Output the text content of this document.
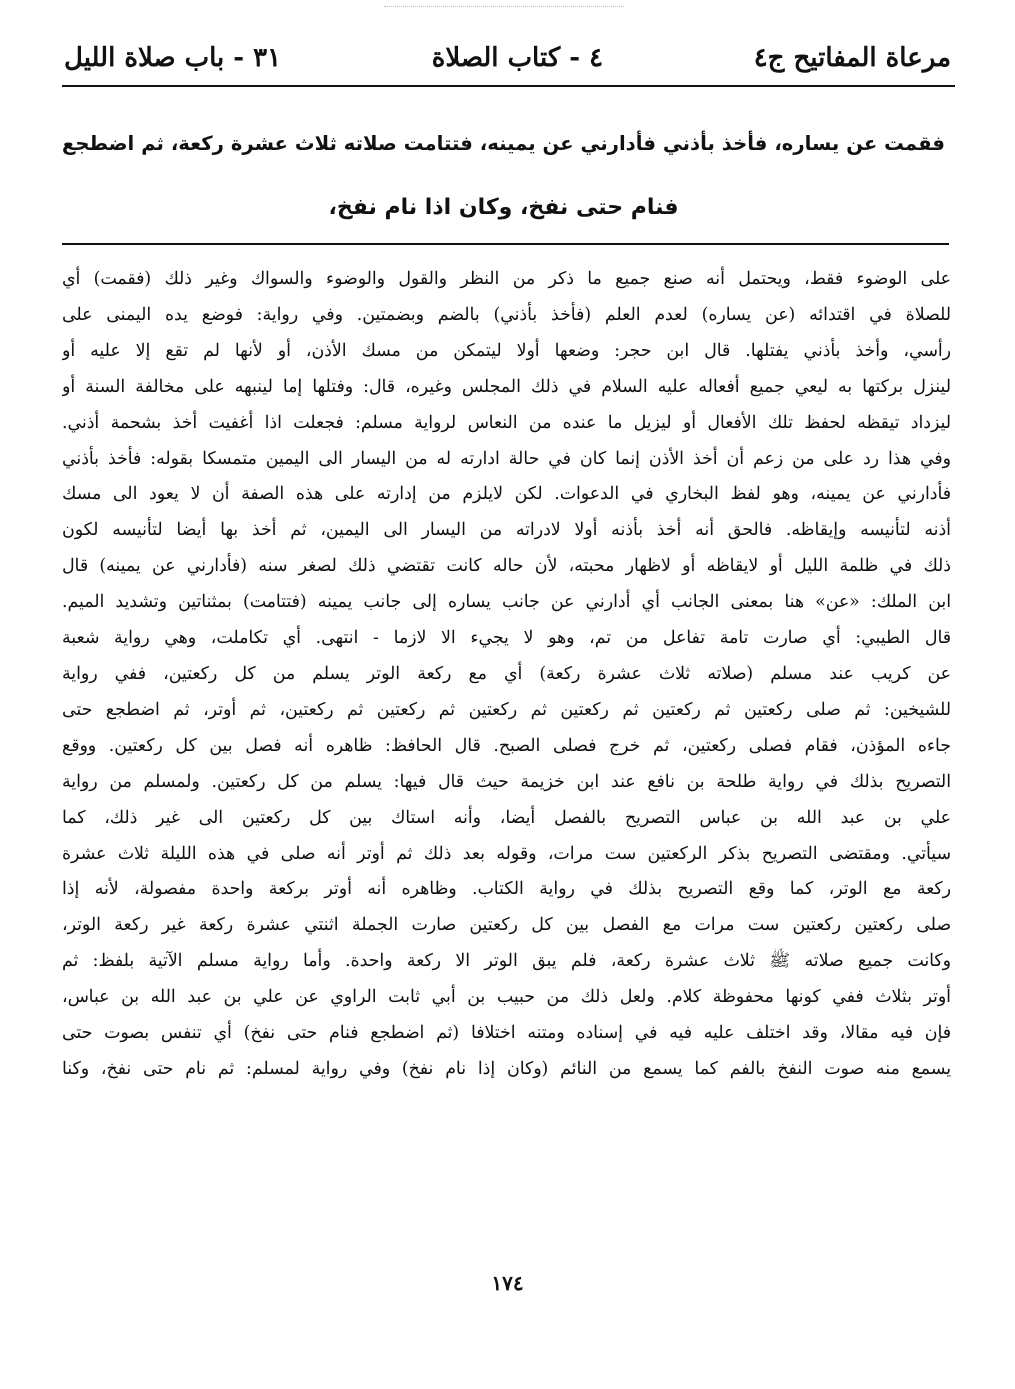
مرعاة المفاتيح ج٤
٤ - كتاب الصلاة
٣١ - باب صلاة الليل
فقمت عن يساره، فأخذ بأذني فأدارني عن يمينه، فتتامت صلاته ثلاث عشرة ركعة، ثم اضطجع
فنام حتى نفخ، وكان اذا نام نفخ،
على الوضوء فقط، ويحتمل أنه صنع جميع ما ذكر من النظر والقول والوضوء والسواك وغير ذلك (فقمت) أي
للصلاة في اقتدائه (عن يساره) لعدم العلم (فأخذ بأذني) بالضم وبضمتين. وفي رواية: فوضع يده اليمنى على
رأسي، وأخذ بأذني يفتلها. قال ابن حجر: وضعها أولا ليتمكن من مسك الأذن، أو لأنها لم تقع إلا عليه أو
لينزل بركتها به ليعي جميع أفعاله عليه السلام في ذلك المجلس وغيره، قال: وفتلها إما لينبهه على مخالفة السنة أو
ليزداد تيقظه لحفظ تلك الأفعال أو ليزيل ما عنده من النعاس لرواية مسلم: فجعلت اذا أغفيت أخذ بشحمة أذني.
وفي هذا رد على من زعم أن أخذ الأذن إنما كان في حالة ادارته له من اليسار الى اليمين متمسكا بقوله: فأخذ بأذني
فأدارني عن يمينه، وهو لفظ البخاري في الدعوات. لكن لايلزم من إدارته على هذه الصفة أن لا يعود الى مسك
أذنه لتأنيسه وإيقاظه. فالحق أنه أخذ بأذنه أولا لادراته من اليسار الى اليمين، ثم أخذ بها أيضا لتأنيسه لكون
ذلك في ظلمة الليل أو لايقاظه أو لاظهار محبته، لأن حاله كانت تقتضي ذلك لصغر سنه (فأدارني عن يمينه) قال
ابن الملك: «عن» هنا بمعنى الجانب أي أدارني عن جانب يساره إلى جانب يمينه (فتتامت) بمثناتين وتشديد الميم.
قال الطيبي: أي صارت تامة تفاعل من تم، وهو لا يجيء الا لازما - انتهى. أي تكاملت، وهي رواية شعبة
عن كريب عند مسلم (صلاته ثلاث عشرة ركعة) أي مع ركعة الوتر يسلم من كل ركعتين، ففي رواية
للشيخين: ثم صلى ركعتين ثم ركعتين ثم ركعتين ثم ركعتين ثم ركعتين ثم ركعتين، ثم أوتر، ثم اضطجع حتى
جاءه المؤذن، فقام فصلى ركعتين، ثم خرج فصلى الصبح. قال الحافظ: ظاهره أنه فصل بين كل ركعتين. ووقع
التصريح بذلك في رواية طلحة بن نافع عند ابن خزيمة حيث قال فيها: يسلم من كل ركعتين. ولمسلم من رواية
علي بن عبد الله بن عباس التصريح بالفصل أيضا، وأنه استاك بين كل ركعتين الى غير ذلك، كما
سيأتي. ومقتضى التصريح بذكر الركعتين ست مرات، وقوله بعد ذلك ثم أوتر أنه صلى في هذه الليلة ثلاث عشرة
ركعة مع الوتر، كما وقع التصريح بذلك في رواية الكتاب. وظاهره أنه أوتر بركعة واحدة مفصولة، لأنه إذا
صلى ركعتين ركعتين ست مرات مع الفصل بين كل ركعتين صارت الجملة اثنتي عشرة ركعة غير ركعة الوتر،
وكانت جميع صلاته ﷺ ثلاث عشرة ركعة، فلم يبق الوتر الا ركعة واحدة. وأما رواية مسلم الآتية بلفظ: ثم
أوتر بثلاث ففي كونها محفوظة كلام. ولعل ذلك من حبيب بن أبي ثابت الراوي عن علي بن عبد الله بن عباس،
فإن فيه مقالا، وقد اختلف عليه فيه في إسناده ومتنه اختلافا (ثم اضطجع فنام حتى نفخ) أي تنفس بصوت حتى
يسمع منه صوت النفخ بالفم كما يسمع من النائم (وكان إذا نام نفخ) وفي رواية لمسلم: ثم نام حتى نفخ، وكنا
١٧٤
